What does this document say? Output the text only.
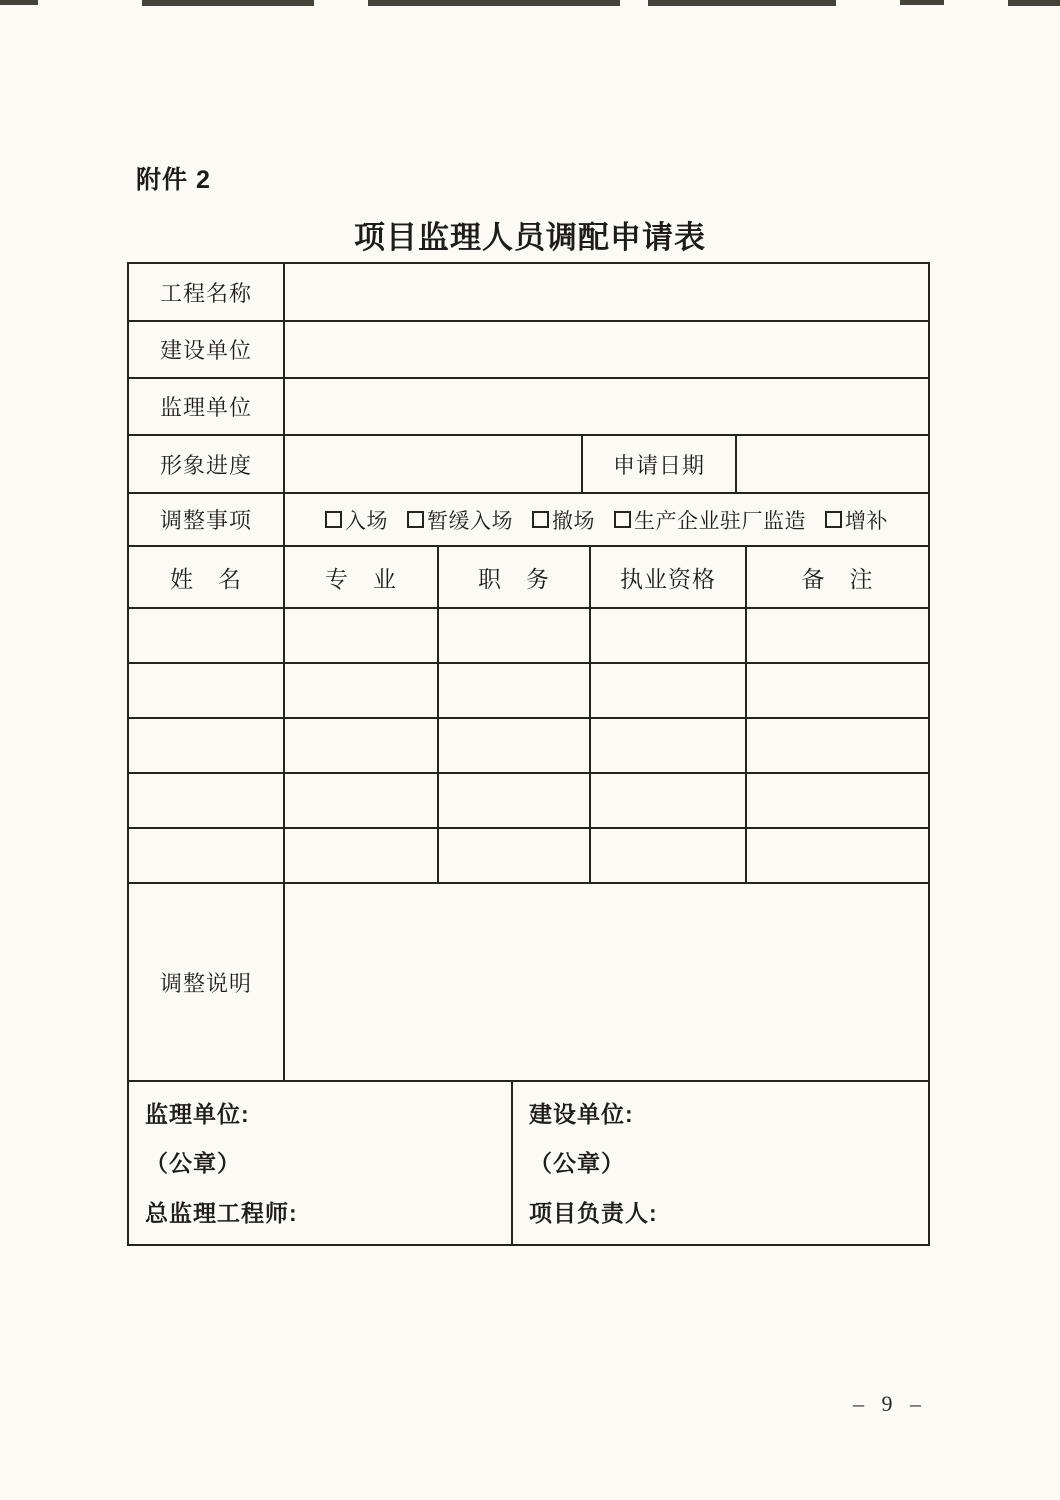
附件 2
项目监理人员调配申请表
工程名称
建设单位
监理单位
形象进度	申请日期
调整事项	入场 暂缓入场 撤场 生产企业驻厂监造 增补
姓　名	专　业	职　务	执业资格	备　注
调整说明
监理单位:
（公章）
总监理工程师:
建设单位:
（公章）
项目负责人:
– 9 –
